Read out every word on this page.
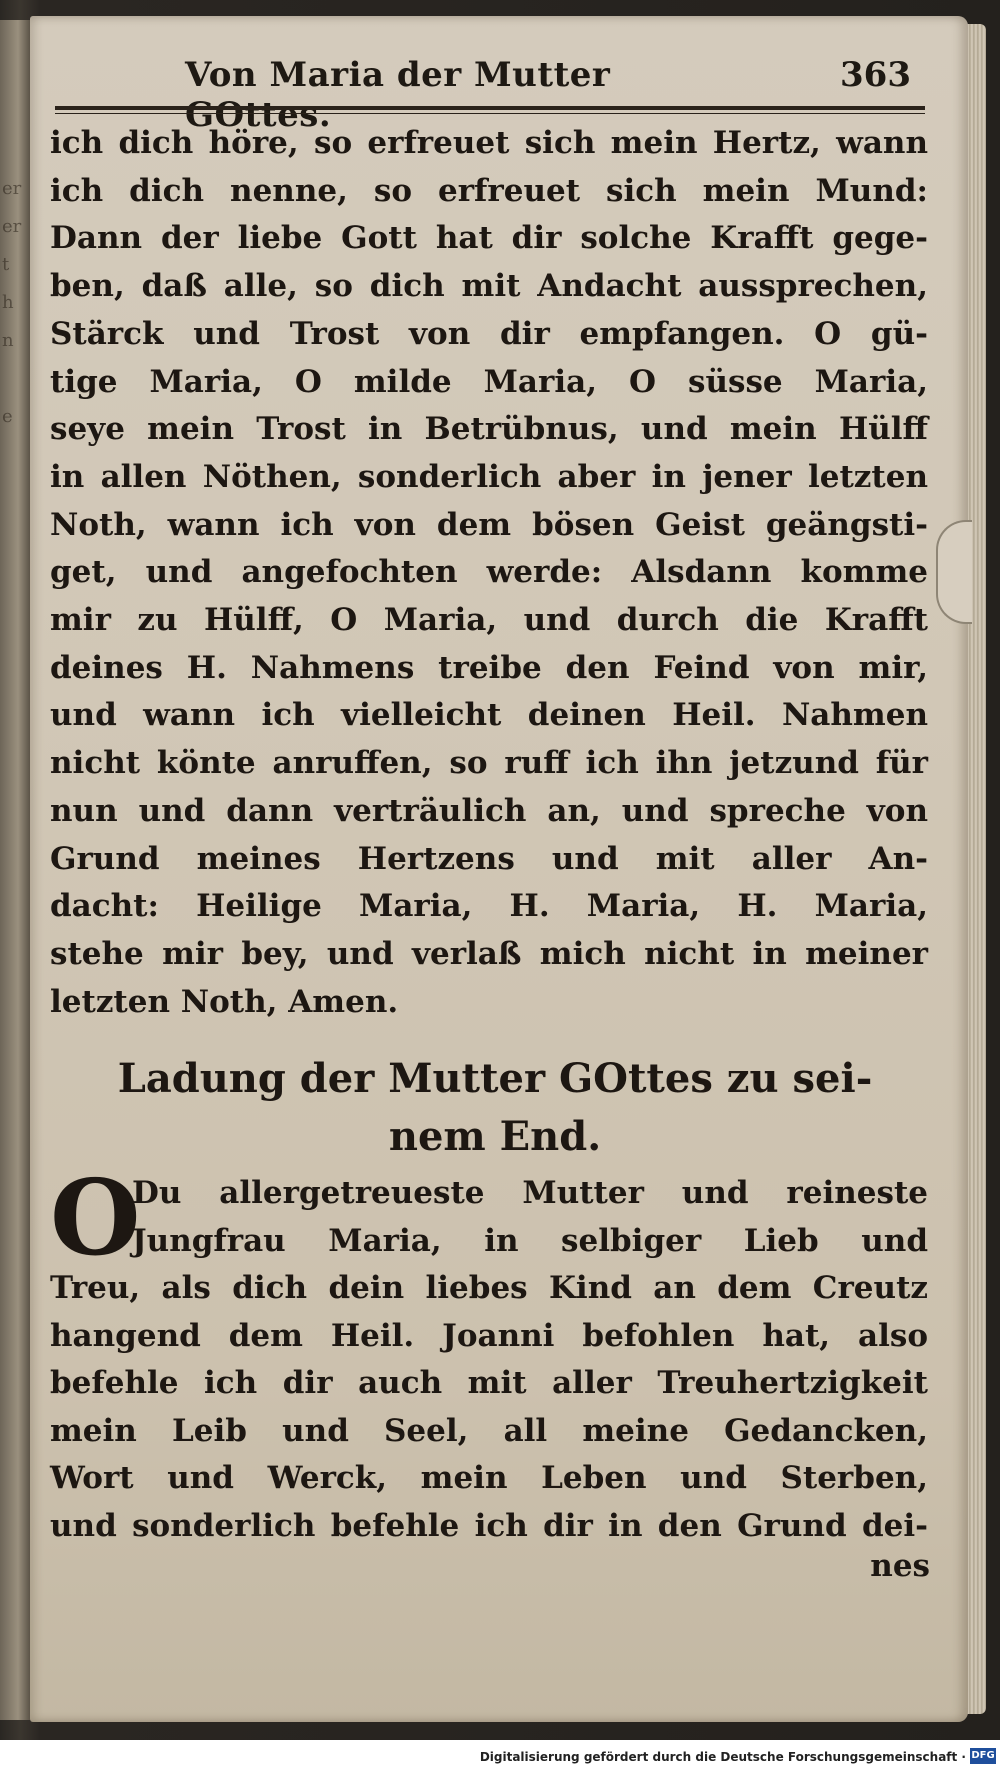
er
er
t
h
n

e
Von Maria der Mutter GOttes.
363
ich dich höre, so erfreuet sich mein Hertz, wann
ich dich nenne, so erfreuet sich mein Mund:
Dann der liebe Gott hat dir solche Krafft gege-
ben, daß alle, so dich mit Andacht aussprechen,
Stärck und Trost von dir empfangen. O gü-
tige Maria, O milde Maria, O süsse Maria,
seye mein Trost in Betrübnus, und mein Hülff
in allen Nöthen, sonderlich aber in jener letzten
Noth, wann ich von dem bösen Geist geängsti-
get, und angefochten werde: Alsdann komme
mir zu Hülff, O Maria, und durch die Krafft
deines H. Nahmens treibe den Feind von mir,
und wann ich vielleicht deinen Heil. Nahmen
nicht könte anruffen, so ruff ich ihn jetzund für
nun und dann verträulich an, und spreche von
Grund meines Hertzens und mit aller An-
dacht: Heilige Maria, H. Maria, H. Maria,
stehe mir bey, und verlaß mich nicht in meiner
letzten Noth, Amen.
Ladung der Mutter GOttes zu sei-
nem End.
O
Du allergetreueste Mutter und reineste
Jungfrau Maria, in selbiger Lieb und
Treu, als dich dein liebes Kind an dem Creutz
hangend dem Heil. Joanni befohlen hat, also
befehle ich dir auch mit aller Treuhertzigkeit
mein Leib und Seel, all meine Gedancken,
Wort und Werck, mein Leben und Sterben,
und sonderlich befehle ich dir in den Grund dei-
nes
Digitalisierung gefördert durch die Deutsche Forschungsgemeinschaft · DFG
